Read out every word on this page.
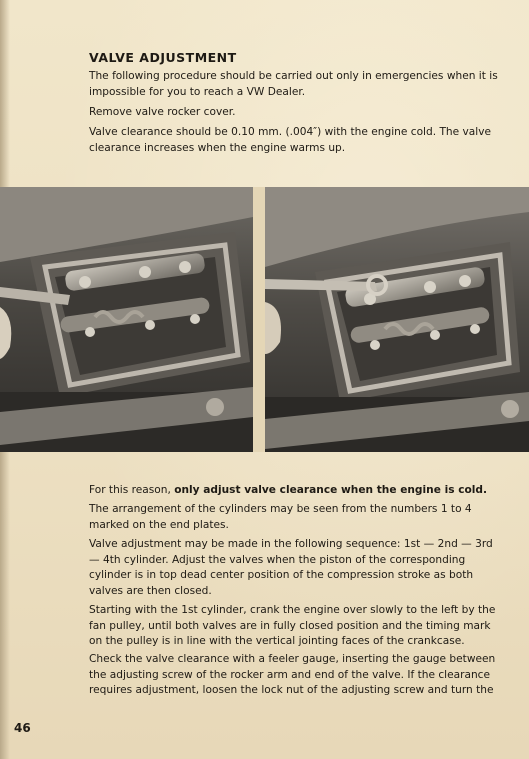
VALVE ADJUSTMENT

The following procedure should be carried out only in emergencies when it is impossible for you to reach a VW Dealer.

Remove valve rocker cover.

Valve clearance should be 0.10 mm. (.004″) with the engine cold. The valve clearance increases when the engine warms up.

For this reason, only adjust valve clearance when the engine is cold.

The arrangement of the cylinders may be seen from the numbers 1 to 4 marked on the end plates.

Valve adjustment may be made in the following sequence: 1st — 2nd — 3rd — 4th cylinder. Adjust the valves when the piston of the corresponding cylinder is in top dead center position of the compression stroke as both valves are then closed.

Starting with the 1st cylinder, crank the engine over slowly to the left by the fan pulley, until both valves are in fully closed position and the timing mark on the pulley is in line with the vertical jointing faces of the crankcase.

Check the valve clearance with a feeler gauge, inserting the gauge between the adjusting screw of the rocker arm and end of the valve. If the clearance requires adjustment, loosen the lock nut of the adjusting screw and turn the

46
